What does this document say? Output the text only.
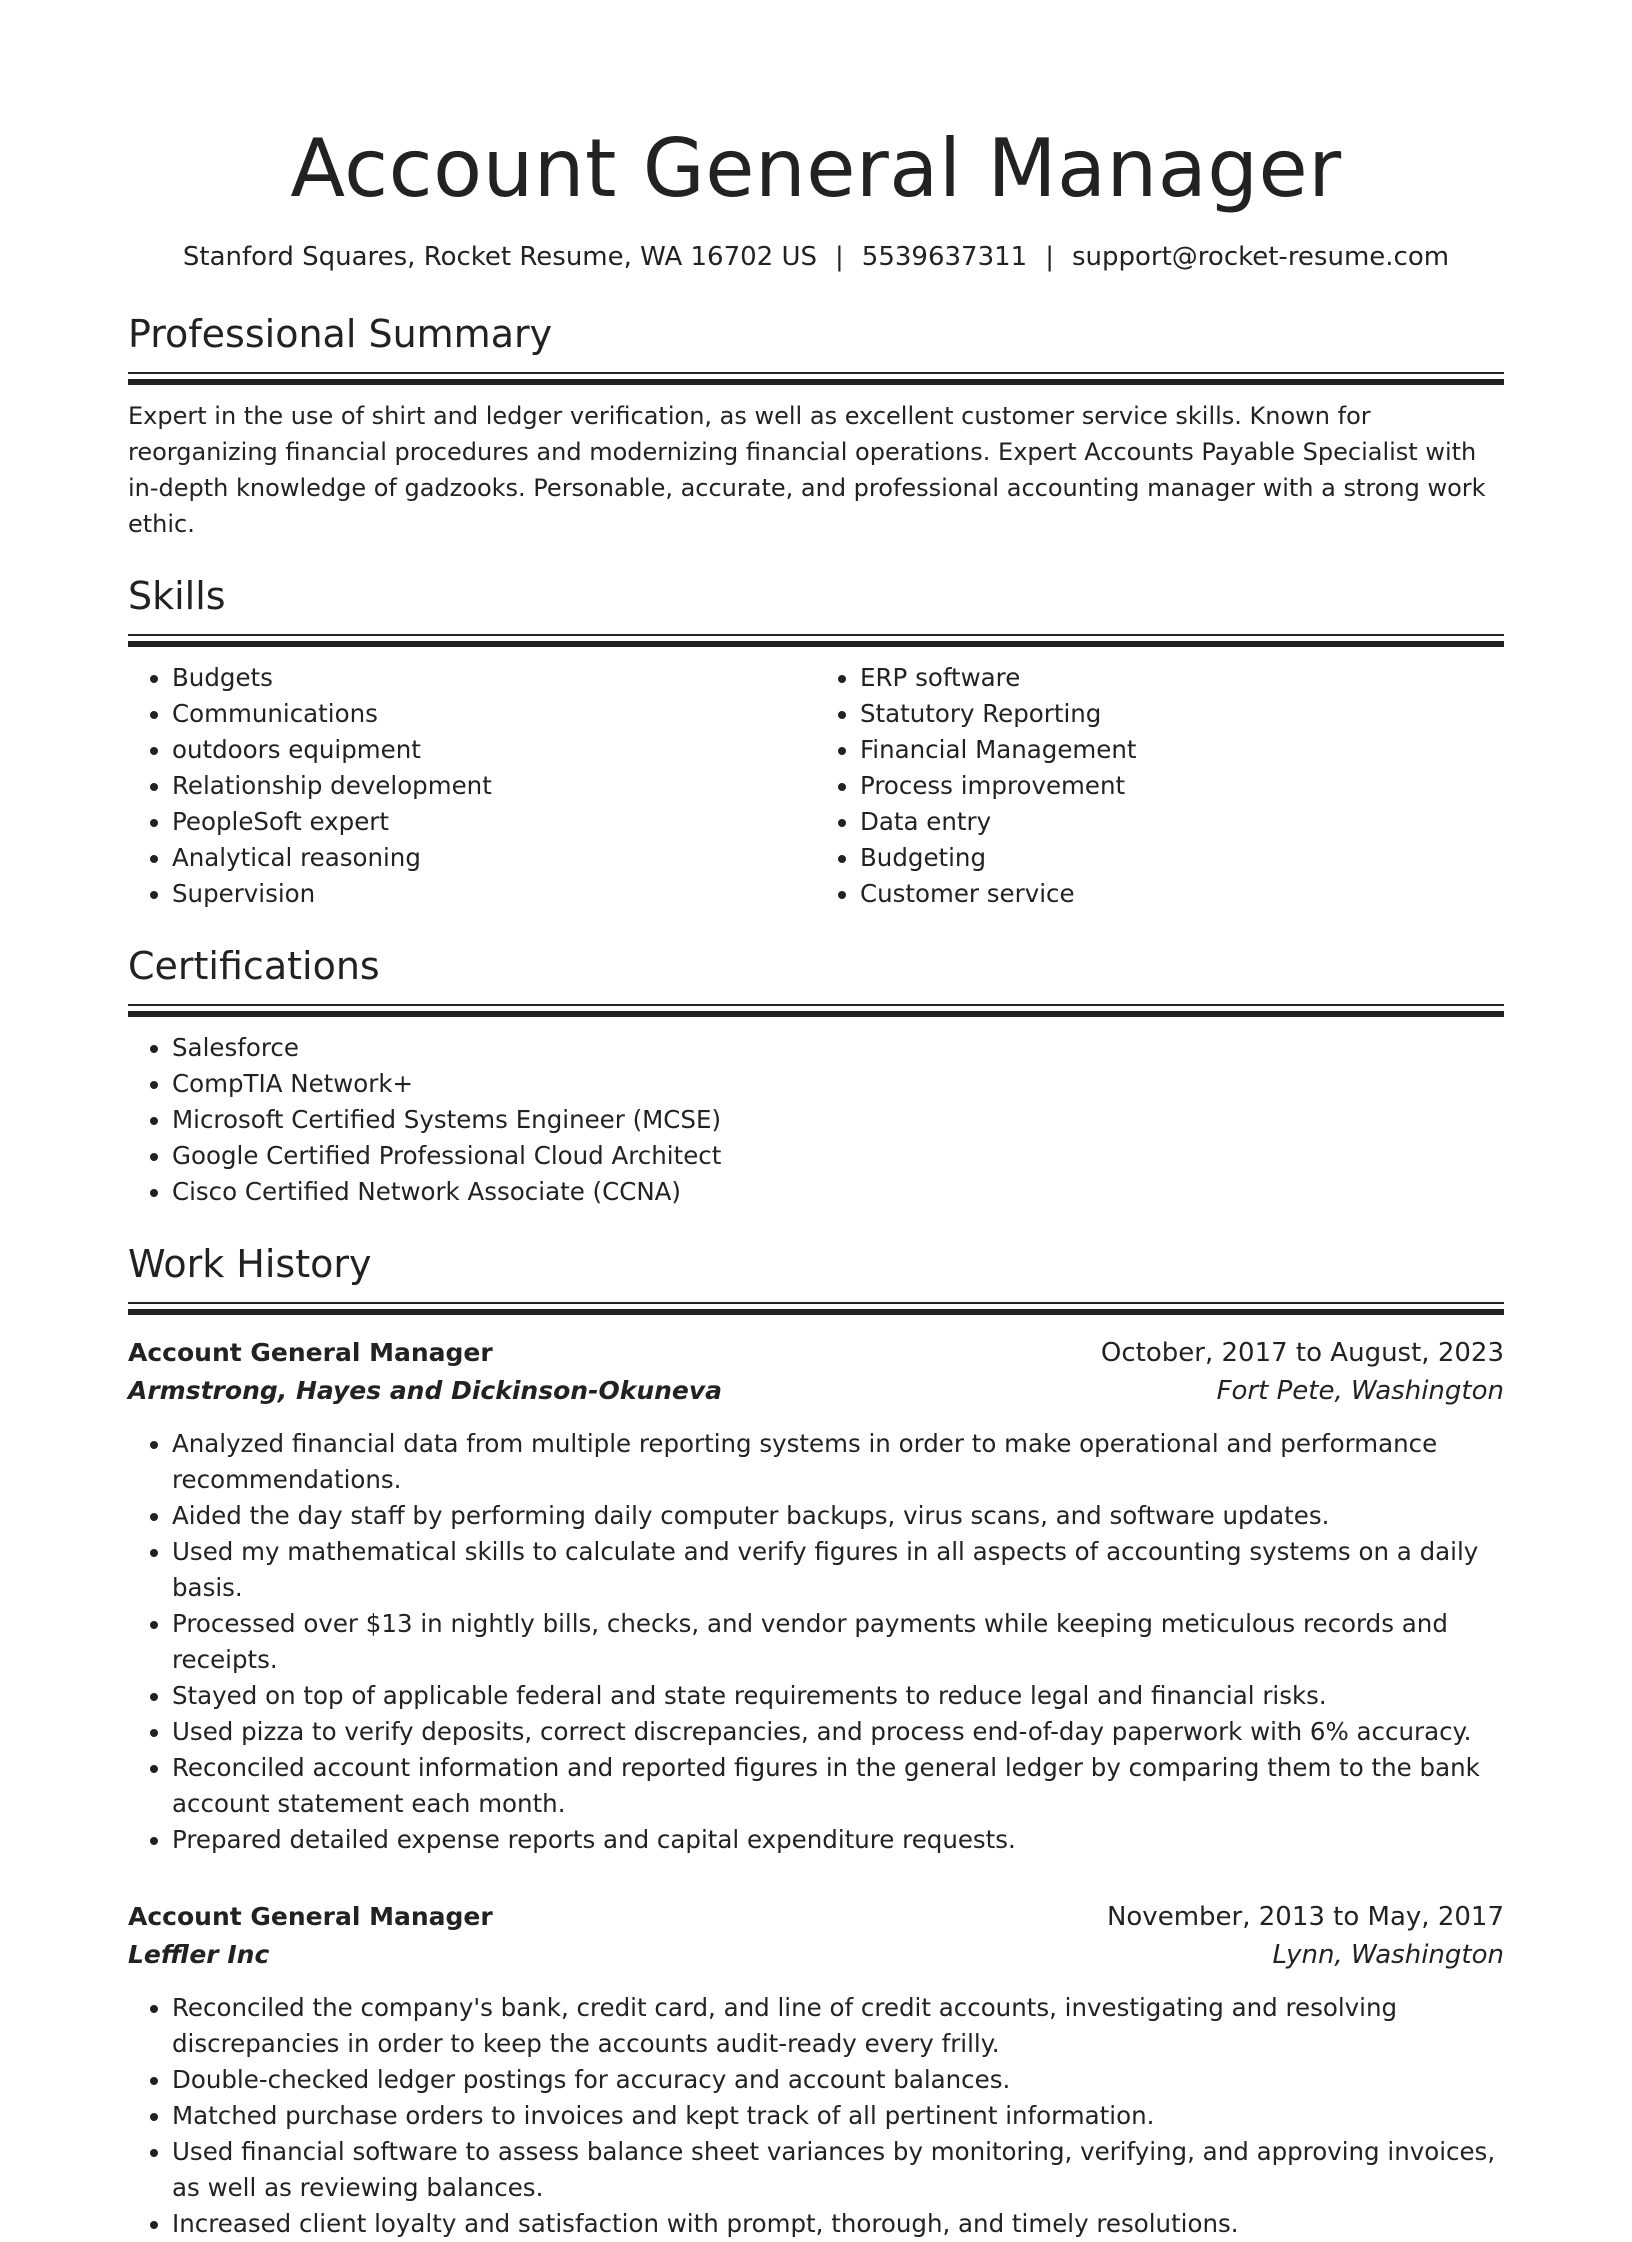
Account General Manager
Stanford Squares, Rocket Resume, WA 16702 US | 5539637311 | support@rocket-resume.com
Professional Summary

Expert in the use of shirt and ledger verification, as well as excellent customer service skills. Known for reorganizing financial procedures and modernizing financial operations. Expert Accounts Payable Specialist with in-depth knowledge of gadzooks. Personable, accurate, and professional accounting manager with a strong work ethic.

Skills
• Budgets
• Communications
• outdoors equipment
• Relationship development
• PeopleSoft expert
• Analytical reasoning
• Supervision
• ERP software
• Statutory Reporting
• Financial Management
• Process improvement
• Data entry
• Budgeting
• Customer service
Certifications
• Salesforce
• CompTIA Network+
• Microsoft Certified Systems Engineer (MCSE)
• Google Certified Professional Cloud Architect
• Cisco Certified Network Associate (CCNA)
Work History
Account General Manager	October, 2017 to August, 2023
Armstrong, Hayes and Dickinson-Okuneva	Fort Pete, Washington
• Analyzed financial data from multiple reporting systems in order to make operational and performance recommendations.
• Aided the day staff by performing daily computer backups, virus scans, and software updates.
• Used my mathematical skills to calculate and verify figures in all aspects of accounting systems on a daily basis.
• Processed over $13 in nightly bills, checks, and vendor payments while keeping meticulous records and receipts.
• Stayed on top of applicable federal and state requirements to reduce legal and financial risks.
• Used pizza to verify deposits, correct discrepancies, and process end-of-day paperwork with 6% accuracy.
• Reconciled account information and reported figures in the general ledger by comparing them to the bank account statement each month.
• Prepared detailed expense reports and capital expenditure requests.
Account General Manager	November, 2013 to May, 2017
Leffler Inc	Lynn, Washington
• Reconciled the company's bank, credit card, and line of credit accounts, investigating and resolving discrepancies in order to keep the accounts audit-ready every frilly.
• Double-checked ledger postings for accuracy and account balances.
• Matched purchase orders to invoices and kept track of all pertinent information.
• Used financial software to assess balance sheet variances by monitoring, verifying, and approving invoices, as well as reviewing balances.
• Increased client loyalty and satisfaction with prompt, thorough, and timely resolutions.
